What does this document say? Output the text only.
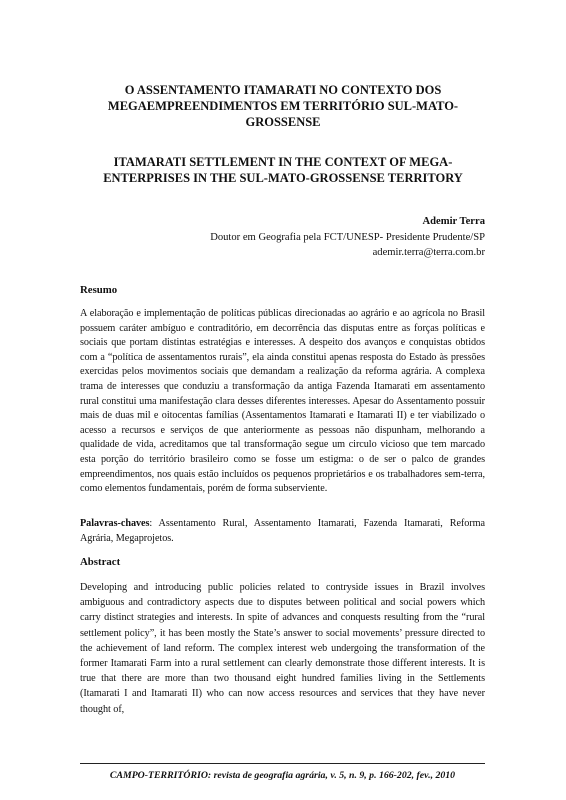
O ASSENTAMENTO ITAMARATI NO CONTEXTO DOS MEGAEMPREENDIMENTOS EM TERRITÓRIO SUL-MATO-GROSSENSE
ITAMARATI SETTLEMENT IN THE CONTEXT OF MEGA-ENTERPRISES IN THE SUL-MATO-GROSSENSE TERRITORY
Ademir Terra
Doutor em Geografia pela FCT/UNESP- Presidente Prudente/SP
ademir.terra@terra.com.br
Resumo

A elaboração e implementação de políticas públicas direcionadas ao agrário e ao agrícola no Brasil possuem caráter ambíguo e contraditório, em decorrência das disputas entre as forças políticas e sociais que portam distintas estratégias e interesses. A despeito dos avanços e conquistas obtidos com a “política de assentamentos rurais”, ela ainda constitui apenas resposta do Estado às pressões exercidas pelos movimentos sociais que demandam a realização da reforma agrária. A complexa trama de interesses que conduziu a transformação da antiga Fazenda Itamarati em assentamento rural constitui uma manifestação clara desses diferentes interesses. Apesar do Assentamento possuir mais de duas mil e oitocentas famílias (Assentamentos Itamarati e Itamarati II) e ter viabilizado o acesso a recursos e serviços de que anteriormente as pessoas não dispunham, melhorando a qualidade de vida, acreditamos que tal transformação segue um circulo vicioso que tem marcado esta porção do território brasileiro como se fosse um estigma: o de ser o palco de grandes empreendimentos, nos quais estão incluídos os pequenos proprietários e os trabalhadores sem-terra, como elementos fundamentais, porém de forma subserviente.

Palavras-chaves: Assentamento Rural, Assentamento Itamarati, Fazenda Itamarati, Reforma Agrária, Megaprojetos.

Abstract

Developing and introducing public policies related to contryside issues in Brazil involves ambiguous and contradictory aspects due to disputes between political and social powers which carry distinct strategies and interests. In spite of advances and conquests resulting from the “rural settlement policy”, it has been mostly the State’s answer to social movements’ pressure directed to the achievement of land reform. The complex interest web undergoing the transformation of the former Itamarati Farm into a rural settlement can clearly demonstrate those different interests. It is true that there are more than two thousand eight hundred families living in the Settlements (Itamarati I and Itamarati II) who can now access resources and services that they have never thought of,

CAMPO-TERRITÓRIO: revista de geografia agrária, v. 5, n. 9, p. 166-202, fev., 2010
